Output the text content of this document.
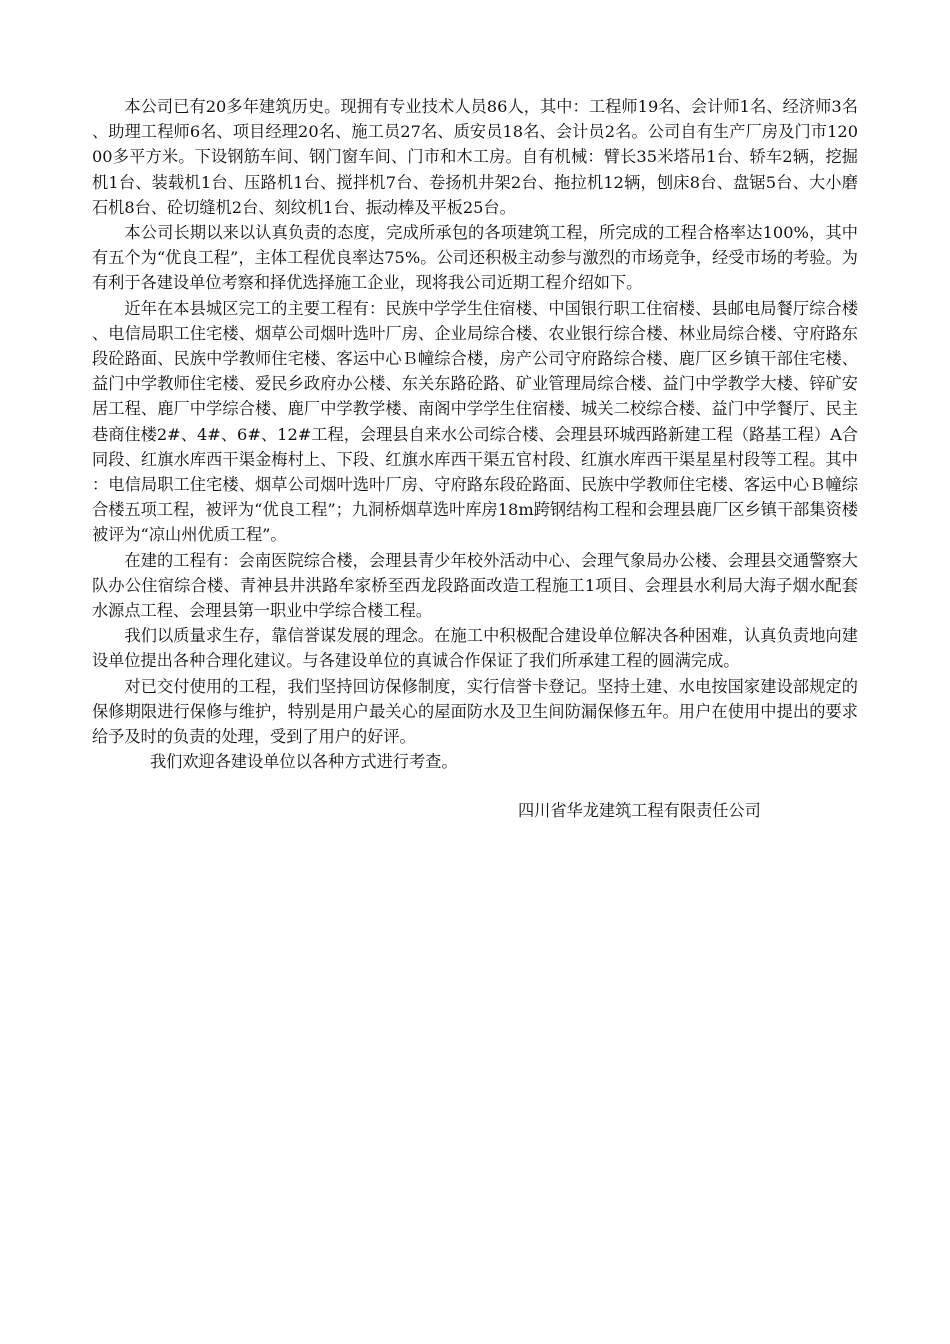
本公司已有20多年建筑历史。现拥有专业技术人员86人，其中：工程师19名、会计师1名、经济师3名、助理工程师6名、项目经理20名、施工员27名、质安员18名、会计员2名。公司自有生产厂房及门市12000多平方米。下设钢筋车间、钢门窗车间、门市和木工房。自有机械：臂长35米塔吊1台、轿车2辆，挖掘机1台、装载机1台、压路机1台、搅拌机7台、卷扬机井架2台、拖拉机12辆，刨床8台、盘锯5台、大小磨石机8台、砼切缝机2台、刻纹机1台、振动棒及平板25台。

本公司长期以来以认真负责的态度，完成所承包的各项建筑工程，所完成的工程合格率达100%，其中有五个为“优良工程”，主体工程优良率达75%。公司还积极主动参与激烈的市场竞争，经受市场的考验。为有利于各建设单位考察和择优选择施工企业，现将我公司近期工程介绍如下。

近年在本县城区完工的主要工程有：民族中学学生住宿楼、中国银行职工住宿楼、县邮电局餐厅综合楼、电信局职工住宅楼、烟草公司烟叶选叶厂房、企业局综合楼、农业银行综合楼、林业局综合楼、守府路东段砼路面、民族中学教师住宅楼、客运中心Ｂ幢综合楼，房产公司守府路综合楼、鹿厂区乡镇干部住宅楼、益门中学教师住宅楼、爱民乡政府办公楼、东关东路砼路、矿业管理局综合楼、益门中学教学大楼、锌矿安居工程、鹿厂中学综合楼、鹿厂中学教学楼、南阁中学学生住宿楼、城关二校综合楼、益门中学餐厅、民主巷商住楼2#、4#、6#、12#工程，会理县自来水公司综合楼、会理县环城西路新建工程（路基工程）A合同段、红旗水库西干渠金梅村上、下段、红旗水库西干渠五官村段、红旗水库西干渠星星村段等工程。其中：电信局职工住宅楼、烟草公司烟叶选叶厂房、守府路东段砼路面、民族中学教师住宅楼、客运中心Ｂ幢综合楼五项工程，被评为“优良工程”；九洞桥烟草选叶库房18m跨钢结构工程和会理县鹿厂区乡镇干部集资楼被评为“凉山州优质工程”。

在建的工程有：会南医院综合楼，会理县青少年校外活动中心、会理气象局办公楼、会理县交通警察大队办公住宿综合楼、青神县井洪路牟家桥至西龙段路面改造工程施工1项目、会理县水利局大海子烟水配套水源点工程、会理县第一职业中学综合楼工程。

我们以质量求生存，靠信誉谋发展的理念。在施工中积极配合建设单位解决各种困难，认真负责地向建设单位提出各种合理化建议。与各建设单位的真诚合作保证了我们所承建工程的圆满完成。

对已交付使用的工程，我们坚持回访保修制度，实行信誉卡登记。坚持土建、水电按国家建设部规定的保修期限进行保修与维护，特别是用户最关心的屋面防水及卫生间防漏保修五年。用户在使用中提出的要求给予及时的负责的处理，受到了用户的好评。

我们欢迎各建设单位以各种方式进行考查。

四川省华龙建筑工程有限责任公司
